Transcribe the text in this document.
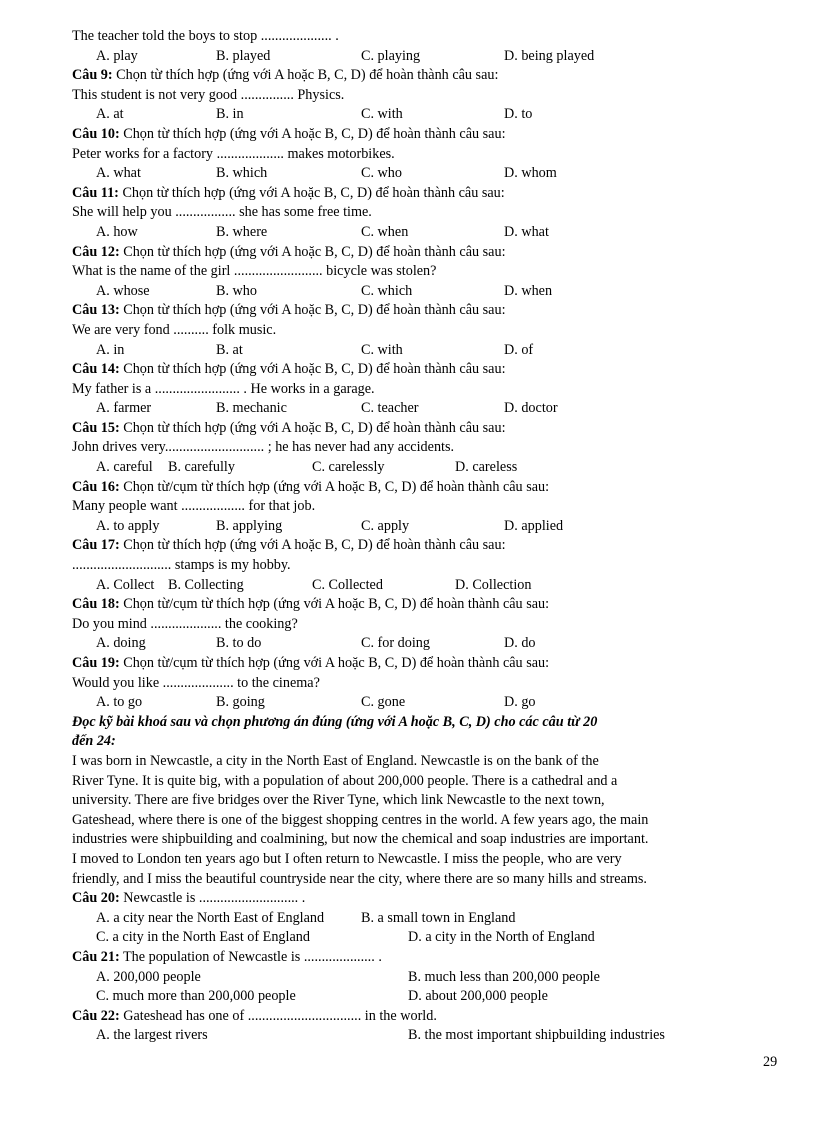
The teacher told the boys to stop .................... .
A. play	B. played	C. playing	D. being played
Câu 9: Chọn từ thích hợp (ứng với A hoặc B, C, D) để hoàn thành câu sau:
This student is not very good ............... Physics.
A. at	B. in	C. with	D. to
Câu 10: Chọn từ thích hợp (ứng với A hoặc B, C, D) để hoàn thành câu sau:
Peter works for a factory ................... makes motorbikes.
A. what	B. which	C. who	D. whom
Câu 11: Chọn từ thích hợp (ứng với A hoặc B, C, D) để hoàn thành câu sau:
She will help you ................. she has some free time.
A. how	B. where	C. when	D. what
Câu 12: Chọn từ thích hợp (ứng với A hoặc B, C, D) để hoàn thành câu sau:
What is the name of the girl ......................... bicycle was stolen?
A. whose	B. who	C. which	D. when
Câu 13: Chọn từ thích hợp (ứng với A hoặc B, C, D) để hoàn thành câu sau:
We are very fond .......... folk music.
A. in	B. at	C. with	D. of
Câu 14: Chọn từ thích hợp (ứng với A hoặc B, C, D) để hoàn thành câu sau:
My father is a ........................ . He works in a garage.
A. farmer	B. mechanic	C. teacher	D. doctor
Câu 15: Chọn từ thích hợp (ứng với A hoặc B, C, D) để hoàn thành câu sau:
John drives very............................ ; he has never had any accidents.
A. careful B. carefully	C. carelessly	D. careless
Câu 16: Chọn từ/cụm từ thích hợp (ứng với A hoặc B, C, D) để hoàn thành câu sau:
Many people want .................. for that job.
A. to apply	B. applying	C. apply	D. applied
Câu 17: Chọn từ thích hợp (ứng với A hoặc B, C, D) để hoàn thành câu sau:
............................ stamps is my hobby.
A. Collect B. Collecting	C. Collected	D. Collection
Câu 18: Chọn từ/cụm từ thích hợp (ứng với A hoặc B, C, D) để hoàn thành câu sau:
Do you mind .................... the cooking?
A. doing	B. to do	C. for doing	D. do
Câu 19: Chọn từ/cụm từ thích hợp (ứng với A hoặc B, C, D) để hoàn thành câu sau:
Would you like .................... to the cinema?
A. to go	B. going	C. gone	D. go
Đọc kỹ bài khoá sau và chọn phương án đúng (ứng với A hoặc B, C, D) cho các câu từ 20
đến 24:
I was born in Newcastle, a city in the North East of England. Newcastle is on the bank of the
River Tyne. It is quite big, with a population of about 200,000 people. There is a cathedral and a
university. There are five bridges over the River Tyne, which link Newcastle to the next town,
Gateshead, where there is one of the biggest shopping centres in the world. A few years ago, the main
industries were shipbuilding and coalmining, but now the chemical and soap industries are important.
I moved to London ten years ago but I often return to Newcastle. I miss the people, who are very
friendly, and I miss the beautiful countryside near the city, where there are so many hills and streams.
Câu 20: Newcastle is ............................ .
A. a city near the North East of England	B. a small town in England
C. a city in the North East of England	D. a city in the North of England
Câu 21: The population of Newcastle is .................... .
A. 200,000 people	B. much less than 200,000 people
C. much more than 200,000 people	D. about 200,000 people
Câu 22: Gateshead has one of ................................ in the world.
A. the largest rivers	B. the most important shipbuilding industries
29
